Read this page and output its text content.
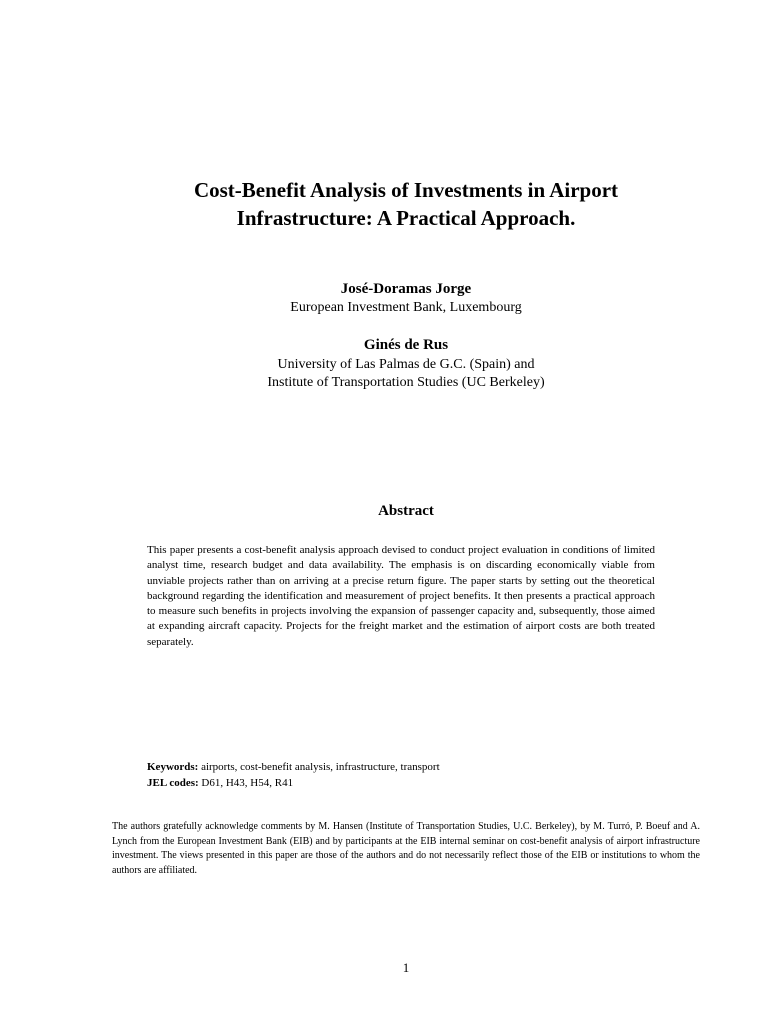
Cost-Benefit Analysis of Investments in Airport
Infrastructure: A Practical Approach.
José-Doramas Jorge
European Investment Bank, Luxembourg
Ginés de Rus
University of Las Palmas de G.C. (Spain) and
Institute of Transportation Studies (UC Berkeley)
Abstract
This paper presents a cost-benefit analysis approach devised to conduct project evaluation in conditions of limited analyst time, research budget and data availability. The emphasis is on discarding economically viable from unviable projects rather than on arriving at a precise return figure. The paper starts by setting out the theoretical background regarding the identification and measurement of project benefits. It then presents a practical approach to measure such benefits in projects involving the expansion of passenger capacity and, subsequently, those aimed at expanding aircraft capacity. Projects for the freight market and the estimation of airport costs are both treated separately.
Keywords: airports, cost-benefit analysis, infrastructure, transport
JEL codes: D61, H43, H54, R41
The authors gratefully acknowledge comments by M. Hansen (Institute of Transportation Studies, U.C. Berkeley), by M. Turró, P. Boeuf and A. Lynch from the European Investment Bank (EIB) and by participants at the EIB internal seminar on cost-benefit analysis of airport infrastructure investment. The views presented in this paper are those of the authors and do not necessarily reflect those of the EIB or institutions to whom the authors are affiliated.
1
